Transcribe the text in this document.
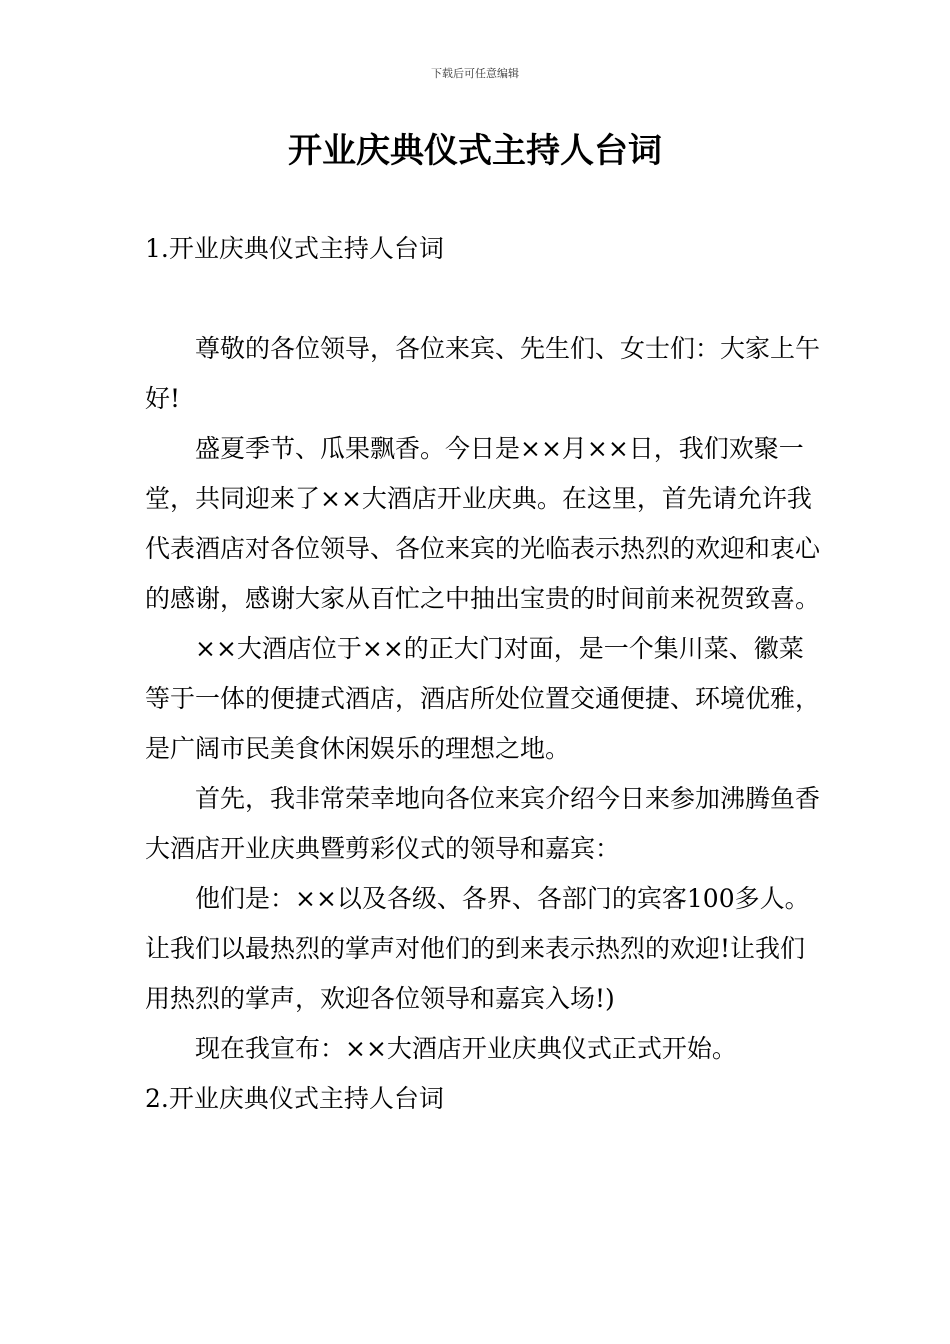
下载后可任意编辑
开业庆典仪式主持人台词
1.开业庆典仪式主持人台词

尊敬的各位领导，各位来宾、先生们、女士们：大家上午好!

盛夏季节、瓜果飘香。今日是××月××日，我们欢聚一堂，共同迎来了××大酒店开业庆典。在这里，首先请允许我代表酒店对各位领导、各位来宾的光临表示热烈的欢迎和衷心的感谢，感谢大家从百忙之中抽出宝贵的时间前来祝贺致喜。

××大酒店位于××的正大门对面，是一个集川菜、徽菜等于一体的便捷式酒店，酒店所处位置交通便捷、环境优雅，是广阔市民美食休闲娱乐的理想之地。

首先，我非常荣幸地向各位来宾介绍今日来参加沸腾鱼香大酒店开业庆典暨剪彩仪式的领导和嘉宾：

他们是：××以及各级、各界、各部门的宾客100多人。让我们以最热烈的掌声对他们的到来表示热烈的欢迎!让我们用热烈的掌声，欢迎各位领导和嘉宾入场!)

现在我宣布：××大酒店开业庆典仪式正式开始。

2.开业庆典仪式主持人台词
